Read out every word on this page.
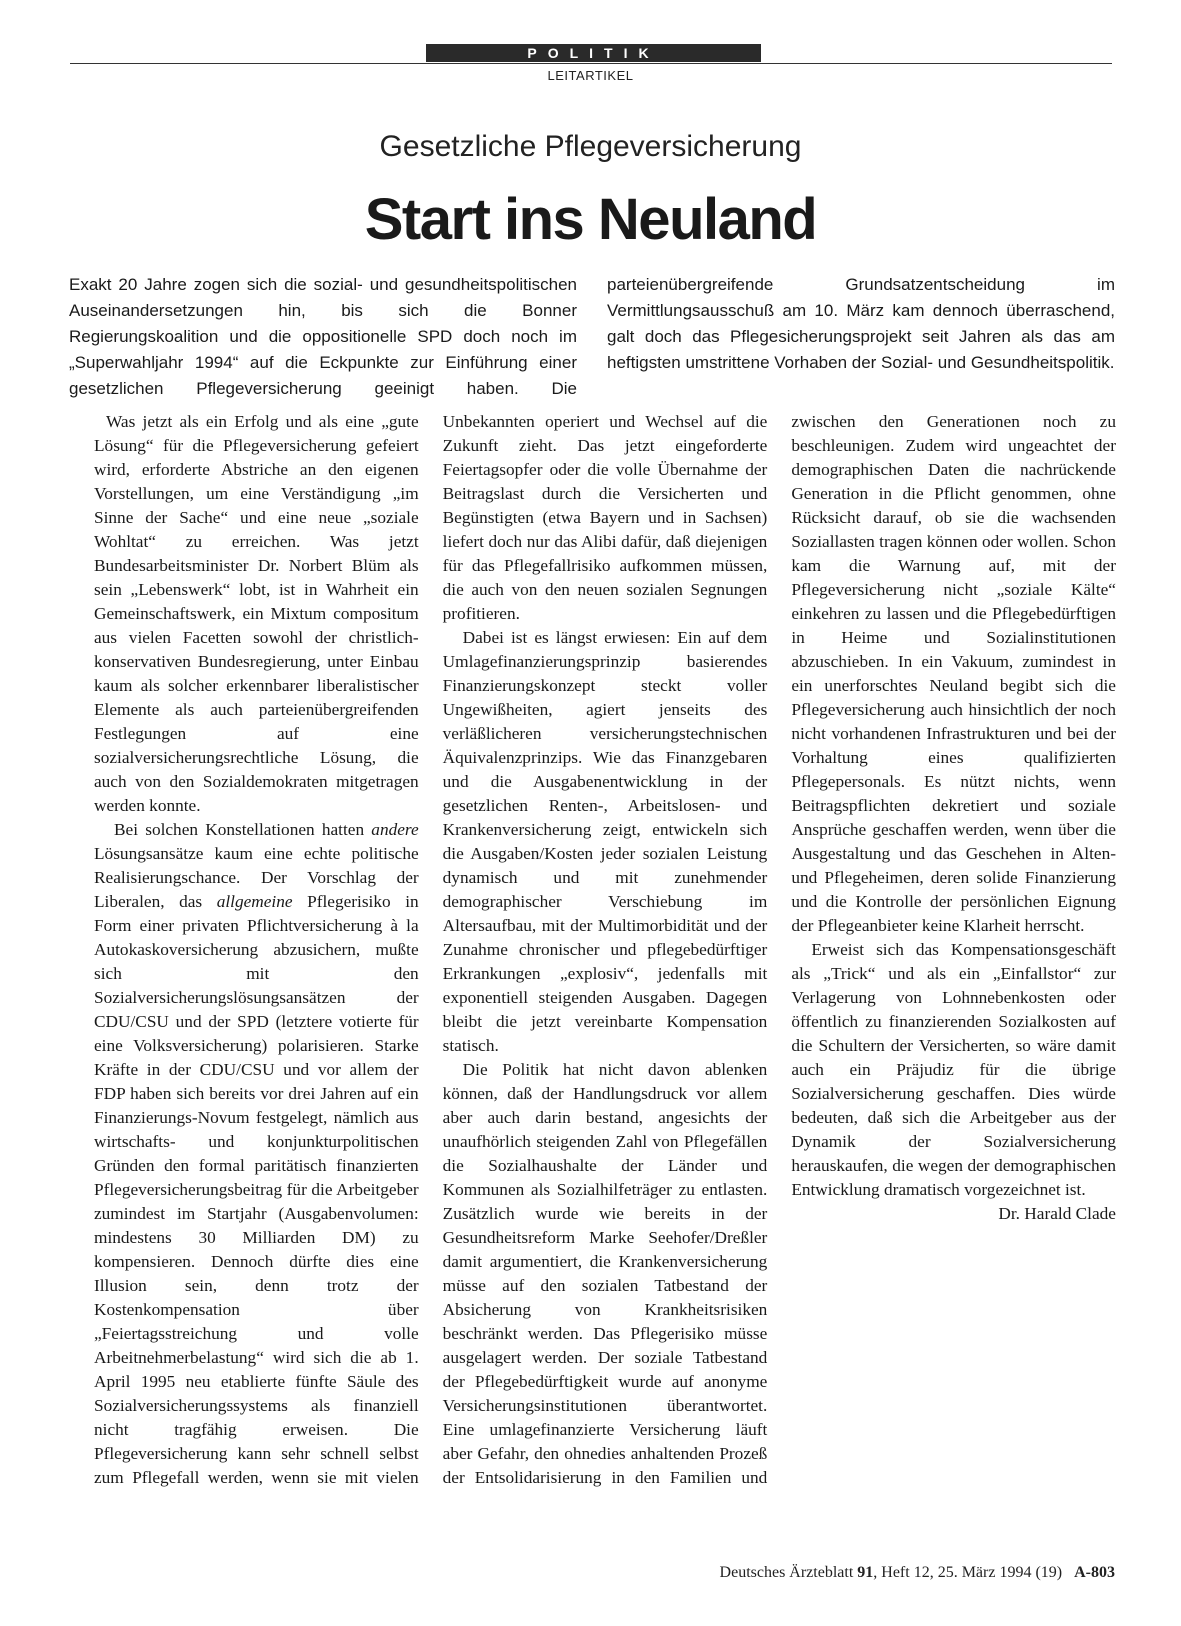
POLITIK
LEITARTIKEL
Gesetzliche Pflegeversicherung
Start ins Neuland
Exakt 20 Jahre zogen sich die sozial- und gesundheitspolitischen Auseinandersetzungen hin, bis sich die Bonner Regierungskoalition und die oppositionelle SPD doch noch im „Superwahljahr 1994“ auf die Eckpunkte zur Einführung einer gesetzlichen Pflegeversicherung geeinigt haben. Die parteienübergreifende Grundsatzentscheidung im Vermittlungsausschuß am 10. März kam dennoch überraschend, galt doch das Pflegesicherungsprojekt seit Jahren als das am heftigsten umstrittene Vorhaben der Sozial- und Gesundheitspolitik.

Was jetzt als ein Erfolg und als eine „gute Lösung“ für die Pflegeversicherung gefeiert wird, erforderte Abstriche an den eigenen Vorstellungen, um eine Verständigung „im Sinne der Sache“ und eine neue „soziale Wohltat“ zu erreichen. Was jetzt Bundesarbeitsminister Dr. Norbert Blüm als sein „Lebenswerk“ lobt, ist in Wahrheit ein Gemeinschaftswerk, ein Mixtum compositum aus vielen Facetten sowohl der christlich-konservativen Bundesregierung, unter Einbau kaum als solcher erkennbarer liberalistischer Elemente als auch parteienübergreifenden Festlegungen auf eine sozialversicherungsrechtliche Lösung, die auch von den Sozialdemokraten mitgetragen werden konnte.

Bei solchen Konstellationen hatten andere Lösungsansätze kaum eine echte politische Realisierungschance. Der Vorschlag der Liberalen, das allgemeine Pflegerisiko in Form einer privaten Pflichtversicherung à la Autokaskoversicherung abzusichern, mußte sich mit den Sozialversicherungslösungsansätzen der CDU/CSU und der SPD (letztere votierte für eine Volksversicherung) polarisieren. Starke Kräfte in der CDU/CSU und vor allem der FDP haben sich bereits vor drei Jahren auf ein Finanzierungs-Novum festgelegt, nämlich aus wirtschafts- und konjunkturpolitischen Gründen den formal paritätisch finanzierten Pflegeversicherungsbeitrag für die Arbeitgeber zumindest im Startjahr (Ausgabenvolumen: mindestens 30 Milliarden DM) zu kompensieren. Dennoch dürfte dies eine Illusion sein, denn trotz der Kostenkompensation über „Feiertagsstreichung und volle Arbeitnehmerbelastung“ wird sich die ab 1. April 1995 neu etablierte fünfte Säule des Sozialversicherungssystems als finanziell nicht tragfähig erweisen. Die Pflegeversicherung kann sehr schnell selbst zum Pflegefall werden, wenn sie mit vielen Unbekannten operiert und Wechsel auf die Zukunft zieht. Das jetzt eingeforderte Feiertagsopfer oder die volle Übernahme der Beitragslast durch die Versicherten und Begünstigten (etwa Bayern und in Sachsen) liefert doch nur das Alibi dafür, daß diejenigen für das Pflegefallrisiko aufkommen müssen, die auch von den neuen sozialen Segnungen profitieren.

Dabei ist es längst erwiesen: Ein auf dem Umlagefinanzierungsprinzip basierendes Finanzierungskonzept steckt voller Ungewißheiten, agiert jenseits des verläßlicheren versicherungstechnischen Äquivalenzprinzips. Wie das Finanzgebaren und die Ausgabenentwicklung in der gesetzlichen Renten-, Arbeitslosen- und Krankenversicherung zeigt, entwickeln sich die Ausgaben/Kosten jeder sozialen Leistung dynamisch und mit zunehmender demographischer Verschiebung im Altersaufbau, mit der Multimorbidität und der Zunahme chronischer und pflegebedürftiger Erkrankungen „explosiv“, jedenfalls mit exponentiell steigenden Ausgaben. Dagegen bleibt die jetzt vereinbarte Kompensation statisch.

Die Politik hat nicht davon ablenken können, daß der Handlungsdruck vor allem aber auch darin bestand, angesichts der unaufhörlich steigenden Zahl von Pflegefällen die Sozialhaushalte der Länder und Kommunen als Sozialhilfeträger zu entlasten. Zusätzlich wurde wie bereits in der Gesundheitsreform Marke Seehofer/Dreßler damit argumentiert, die Krankenversicherung müsse auf den sozialen Tatbestand der Absicherung von Krankheitsrisiken beschränkt werden. Das Pflegerisiko müsse ausgelagert werden. Der soziale Tatbestand der Pflegebedürftigkeit wurde auf anonyme Versicherungsinstitutionen überantwortet. Eine umlagefinanzierte Versicherung läuft aber Gefahr, den ohnedies anhaltenden Prozeß der Entsolidarisierung in den Familien und zwischen den Generationen noch zu beschleunigen. Zudem wird ungeachtet der demographischen Daten die nachrückende Generation in die Pflicht genommen, ohne Rücksicht darauf, ob sie die wachsenden Soziallasten tragen können oder wollen. Schon kam die Warnung auf, mit der Pflegeversicherung nicht „soziale Kälte“ einkehren zu lassen und die Pflegebedürftigen in Heime und Sozialinstitutionen abzuschieben. In ein Vakuum, zumindest in ein unerforschtes Neuland begibt sich die Pflegeversicherung auch hinsichtlich der noch nicht vorhandenen Infrastrukturen und bei der Vorhaltung eines qualifizierten Pflegepersonals. Es nützt nichts, wenn Beitragspflichten dekretiert und soziale Ansprüche geschaffen werden, wenn über die Ausgestaltung und das Geschehen in Alten- und Pflegeheimen, deren solide Finanzierung und die Kontrolle der persönlichen Eignung der Pflegeanbieter keine Klarheit herrscht.

Erweist sich das Kompensationsgeschäft als „Trick“ und als ein „Einfallstor“ zur Verlagerung von Lohnnebenkosten oder öffentlich zu finanzierenden Sozialkosten auf die Schultern der Versicherten, so wäre damit auch ein Präjudiz für die übrige Sozialversicherung geschaffen. Dies würde bedeuten, daß sich die Arbeitgeber aus der Dynamik der Sozialversicherung herauskaufen, die wegen der demographischen Entwicklung dramatisch vorgezeichnet ist.
Dr. Harald Clade

Deutsches Ärzteblatt 91, Heft 12, 25. März 1994 (19) A-803
